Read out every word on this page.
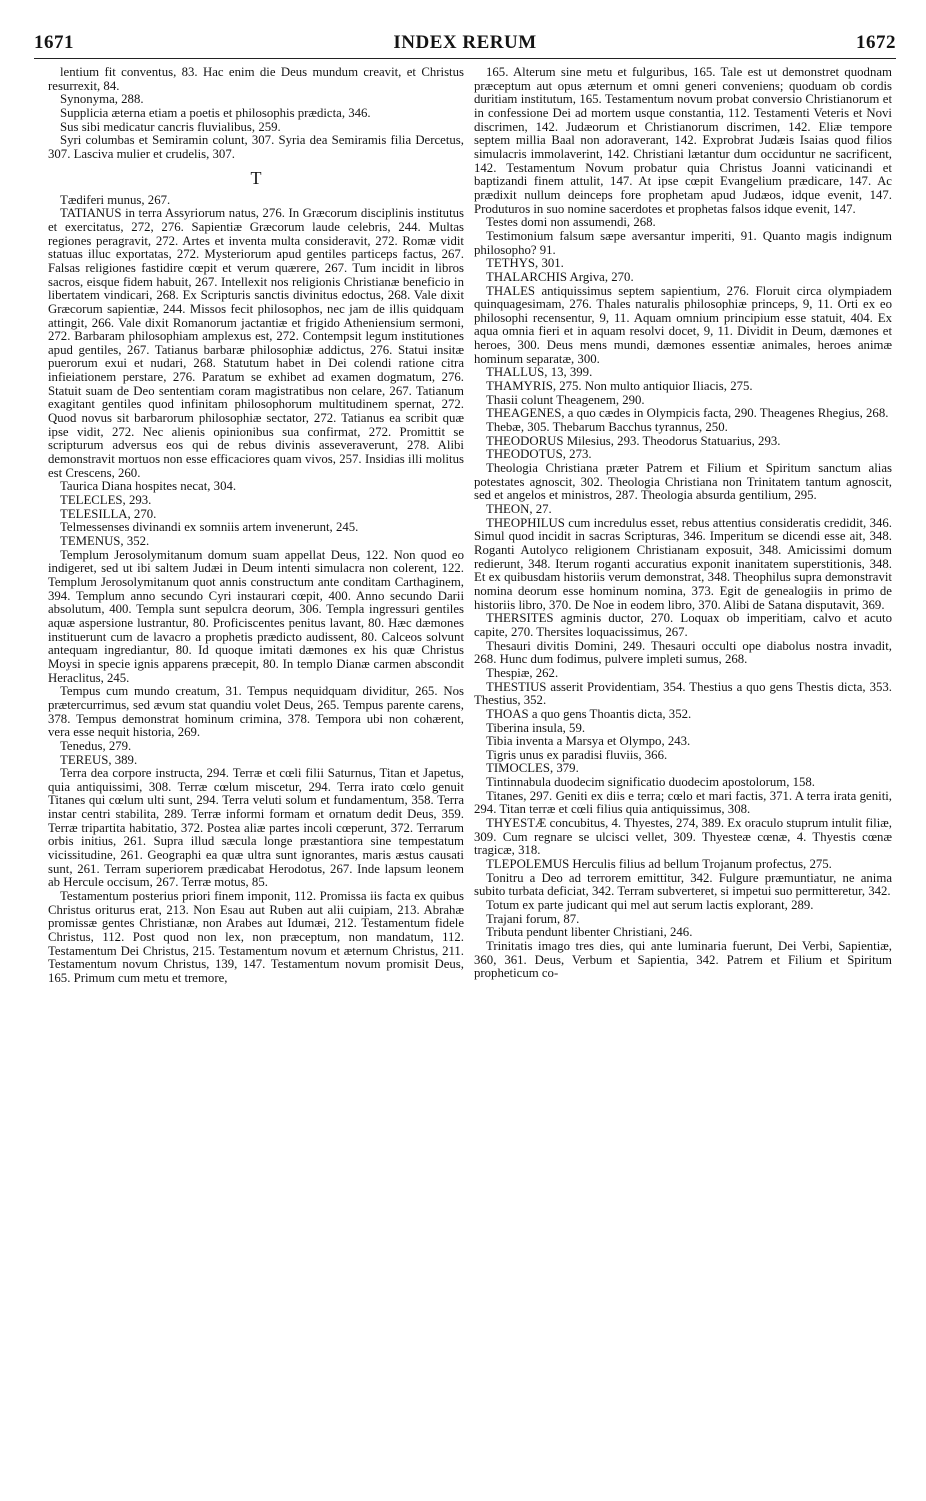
1671	INDEX RERUM	1672

lentium fit conventus, 83. Hac enim die Deus mundum creavit, et Christus resurrexit, 84.

Synonyma, 288.

Supplicia æterna etiam a poetis et philosophis prædicta, 346.

Sus sibi medicatur cancris fluvialibus, 259.

Syri columbas et Semiramin colunt, 307. Syria dea Semiramis filia Dercetus, 307. Lasciva mulier et crudelis, 307.

T

Tædiferi munus, 267.

TATIANUS in terra Assyriorum natus, 276. In Græcorum disciplinis institutus et exercitatus, 272, 276. Sapientiæ Græcorum laude celebris, 244. Multas regiones peragravit, 272. Artes et inventa multa consideravit, 272. Romæ vidit statuas illuc exportatas, 272. Mysteriorum apud gentiles particeps factus, 267. Falsas religiones fastidire cœpit et verum quærere, 267. Tum incidit in libros sacros, eisque fidem habuit, 267. Intellexit nos religionis Christianæ beneficio in libertatem vindicari, 268. Ex Scripturis sanctis divinitus edoctus, 268. Vale dixit Græcorum sapientiæ, 244. Missos fecit philosophos, nec jam de illis quidquam attingit, 266. Vale dixit Romanorum jactantiæ et frigido Atheniensium sermoni, 272. Barbaram philosophiam amplexus est, 272. Contempsit legum institutiones apud gentiles, 267. Tatianus barbaræ philosophiæ addictus, 276. Statui insitæ puerorum exui et nudari, 268. Statutum habet in Dei colendi ratione citra infieiationem perstare, 276. Paratum se exhibet ad examen dogmatum, 276. Statuit suam de Deo sententiam coram magistratibus non celare, 267. Tatianum exagitant gentiles quod infinitam philosophorum multitudinem spernat, 272. Quod novus sit barbarorum philosophiæ sectator, 272. Tatianus ea scribit quæ ipse vidit, 272. Nec alienis opinionibus sua confirmat, 272. Promittit se scripturum adversus eos qui de rebus divinis asseveraverunt, 278. Alibi demonstravit mortuos non esse efficaciores quam vivos, 257. Insidias illi molitus est Crescens, 260.

Taurica Diana hospites necat, 304.

TELECLES, 293.

TELESILLA, 270.

Telmessenses divinandi ex somniis artem invenerunt, 245.

TEMENUS, 352.

Templum Jerosolymitanum domum suam appellat Deus, 122. Non quod eo indigeret, sed ut ibi saltem Judæi in Deum intenti simulacra non colerent, 122. Templum Jerosolymitanum quot annis constructum ante conditam Carthaginem, 394. Templum anno secundo Cyri instaurari cœpit, 400. Anno secundo Darii absolutum, 400. Templa sunt sepulcra deorum, 306. Templa ingressuri gentiles aquæ aspersione lustrantur, 80. Proficiscentes penitus lavant, 80. Hæc dæmones instituerunt cum de lavacro a prophetis prædicto audissent, 80. Calceos solvunt antequam ingrediantur, 80. Id quoque imitati dæmones ex his quæ Christus Moysi in specie ignis apparens præcepit, 80. In templo Dianæ carmen abscondit Heraclitus, 245.

Tempus cum mundo creatum, 31. Tempus nequidquam dividitur, 265. Nos prætercurrimus, sed ævum stat quandiu volet Deus, 265. Tempus parente carens, 378. Tempus demonstrat hominum crimina, 378. Tempora ubi non cohærent, vera esse nequit historia, 269.

Tenedus, 279.

TEREUS, 389.

Terra dea corpore instructa, 294. Terræ et cœli filii Saturnus, Titan et Japetus, quia antiquissimi, 308. Terræ cœlum miscetur, 294. Terra irato cœlo genuit Titanes qui cœlum ulti sunt, 294. Terra veluti solum et fundamentum, 358. Terra instar centri stabilita, 289. Terræ informi formam et ornatum dedit Deus, 359. Terræ tripartita habitatio, 372. Postea aliæ partes incoli cœperunt, 372. Terrarum orbis initius, 261. Supra illud sæcula longe præstantiora sine tempestatum vicissitudine, 261. Geographi ea quæ ultra sunt ignorantes, maris æstus causati sunt, 261. Terram superiorem prædicabat Herodotus, 267. Inde lapsum leonem ab Hercule occisum, 267. Terræ motus, 85.

Testamentum posterius priori finem imponit, 112. Promissa iis facta ex quibus Christus oriturus erat, 213. Non Esau aut Ruben aut alii cuipiam, 213. Abrahæ promissæ gentes Christianæ, non Arabes aut Idumæi, 212. Testamentum fidele Christus, 112. Post quod non lex, non præceptum, non mandatum, 112. Testamentum Dei Christus, 215. Testamentum novum et æternum Christus, 211. Testamentum novum Christus, 139, 147. Testamentum novum promisit Deus, 165. Primum cum metu et tremore,

165. Alterum sine metu et fulguribus, 165. Tale est ut demonstret quodnam præceptum aut opus æternum et omni generi conveniens; quoduam ob cordis duritiam institutum, 165. Testamentum novum probat conversio Christianorum et in confessione Dei ad mortem usque constantia, 112. Testamenti Veteris et Novi discrimen, 142. Judæorum et Christianorum discrimen, 142. Eliæ tempore septem millia Baal non adoraverant, 142. Exprobrat Judæis Isaias quod filios simulacris immolaverint, 142. Christiani lætantur dum occiduntur ne sacrificent, 142. Testamentum Novum probatur quia Christus Joanni vaticinandi et baptizandi finem attulit, 147. At ipse cœpit Evangelium prædicare, 147. Ac prædixit nullum deinceps fore prophetam apud Judæos, idque evenit, 147. Produturos in suo nomine sacerdotes et prophetas falsos idque evenit, 147.

Testes domi non assumendi, 268.

Testimonium falsum sæpe aversantur imperiti, 91. Quanto magis indignum philosopho? 91.

TETHYS, 301.

THALARCHIS Argiva, 270.

THALES antiquissimus septem sapientium, 276. Floruit circa olympiadem quinquagesimam, 276. Thales naturalis philosophiæ princeps, 9, 11. Orti ex eo philosophi recensentur, 9, 11. Aquam omnium principium esse statuit, 404. Ex aqua omnia fieri et in aquam resolvi docet, 9, 11. Dividit in Deum, dæmones et heroes, 300. Deus mens mundi, dæmones essentiæ animales, heroes animæ hominum separatæ, 300.

THALLUS, 13, 399.

THAMYRIS, 275. Non multo antiquior Iliacis, 275.

Thasii colunt Theagenem, 290.

THEAGENES, a quo cædes in Olympicis facta, 290. Theagenes Rhegius, 268.

Thebæ, 305. Thebarum Bacchus tyrannus, 250.

THEODORUS Milesius, 293. Theodorus Statuarius, 293.

THEODOTUS, 273.

Theologia Christiana præter Patrem et Filium et Spiritum sanctum alias potestates agnoscit, 302. Theologia Christiana non Trinitatem tantum agnoscit, sed et angelos et ministros, 287. Theologia absurda gentilium, 295.

THEON, 27.

THEOPHILUS cum incredulus esset, rebus attentius consideratis credidit, 346. Simul quod incidit in sacras Scripturas, 346. Imperitum se dicendi esse ait, 348. Roganti Autolyco religionem Christianam exposuit, 348. Amicissimi domum redierunt, 348. Iterum roganti accuratius exponit inanitatem superstitionis, 348. Et ex quibusdam historiis verum demonstrat, 348. Theophilus supra demonstravit nomina deorum esse hominum nomina, 373. Egit de genealogiis in primo de historiis libro, 370. De Noe in eodem libro, 370. Alibi de Satana disputavit, 369.

THERSITES agminis ductor, 270. Loquax ob imperitiam, calvo et acuto capite, 270. Thersites loquacissimus, 267.

Thesauri divitis Domini, 249. Thesauri occulti ope diabolus nostra invadit, 268. Hunc dum fodimus, pulvere impleti sumus, 268.

Thespiæ, 262.

THESTIUS asserit Providentiam, 354. Thestius a quo gens Thestis dicta, 353. Thestius, 352.

THOAS a quo gens Thoantis dicta, 352.

Tiberina insula, 59.

Tibia inventa a Marsya et Olympo, 243.

Tigris unus ex paradisi fluviis, 366.

TIMOCLES, 379.

Tintinnabula duodecim significatio duodecim apostolorum, 158.

Titanes, 297. Geniti ex diis e terra; cœlo et mari factis, 371. A terra irata geniti, 294. Titan terræ et cœli filius quia antiquissimus, 308.

THYESTÆ concubitus, 4. Thyestes, 274, 389. Ex oraculo stuprum intulit filiæ, 309. Cum regnare se ulcisci vellet, 309. Thyesteæ cœnæ, 4. Thyestis cœnæ tragicæ, 318.

TLEPOLEMUS Herculis filius ad bellum Trojanum profectus, 275.

Tonitru a Deo ad terrorem emittitur, 342. Fulgure præmuntiatur, ne anima subito turbata deficiat, 342. Terram subverteret, si impetui suo permitteretur, 342.

Totum ex parte judicant qui mel aut serum lactis explorant, 289.

Trajani forum, 87.

Tributa pendunt libenter Christiani, 246.

Trinitatis imago tres dies, qui ante luminaria fuerunt, Dei Verbi, Sapientiæ, 360, 361. Deus, Verbum et Sapientia, 342. Patrem et Filium et Spiritum propheticum co-
